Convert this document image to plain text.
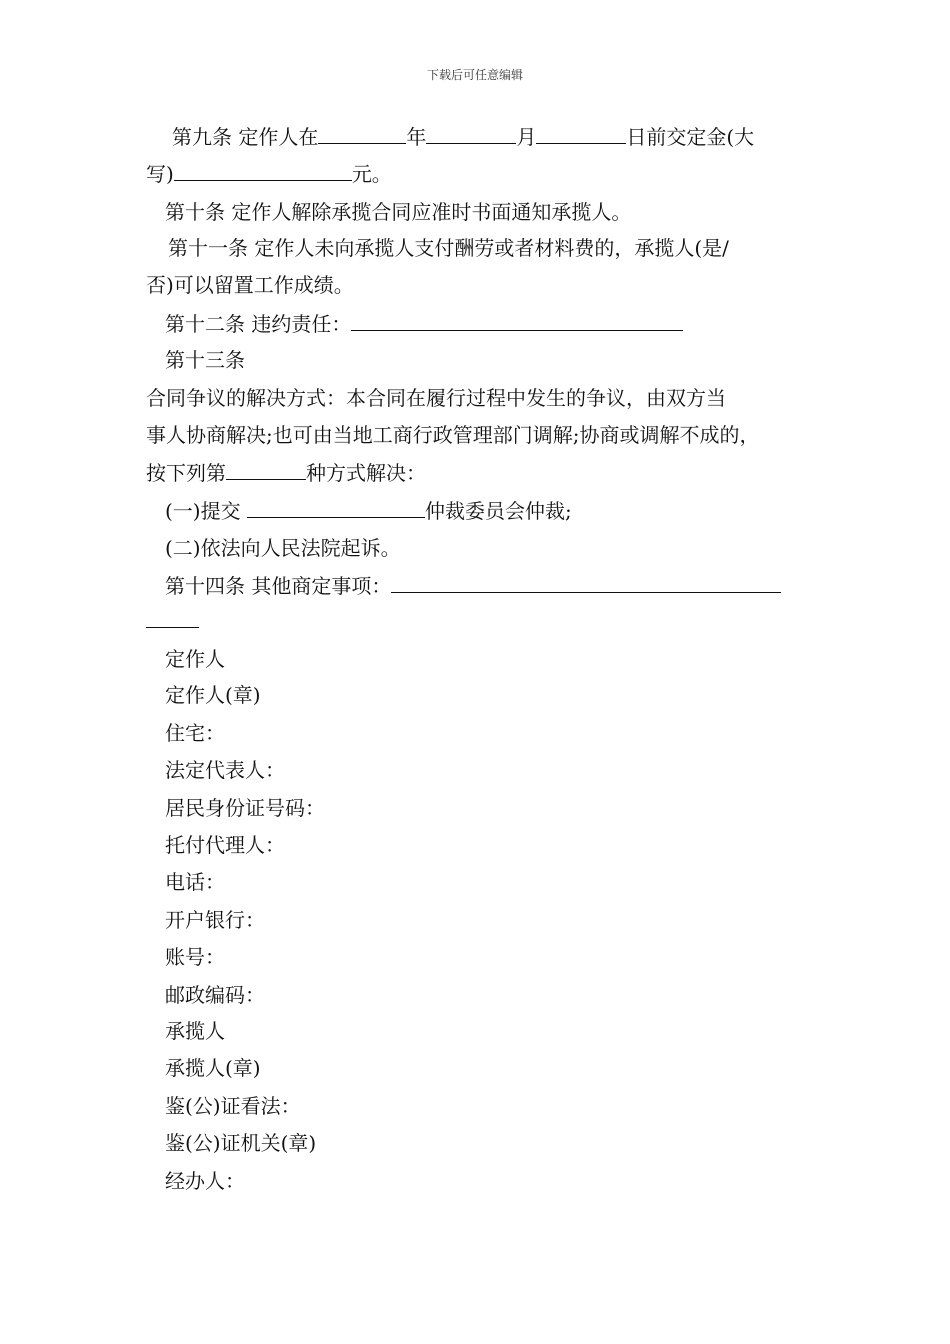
下载后可任意编辑
第九条 定作人在	年	月	日前交定金(大
写)	元。
第十条 定作人解除承揽合同应准时书面通知承揽人。
第十一条 定作人未向承揽人支付酬劳或者材料费的，承揽人(是/
否)可以留置工作成绩。
第十二条 违约责任：
第十三条
合同争议的解决方式：本合同在履行过程中发生的争议，由双方当
事人协商解决;也可由当地工商行政管理部门调解;协商或调解不成的，
按下列第	种方式解决：
(一)提交	仲裁委员会仲裁;
(二)依法向人民法院起诉。
第十四条 其他商定事项：
定作人
定作人(章)
住宅：
法定代表人：
居民身份证号码：
托付代理人：
电话：
开户银行：
账号：
邮政编码：
承揽人
承揽人(章)
鉴(公)证看法：
鉴(公)证机关(章)
经办人：
